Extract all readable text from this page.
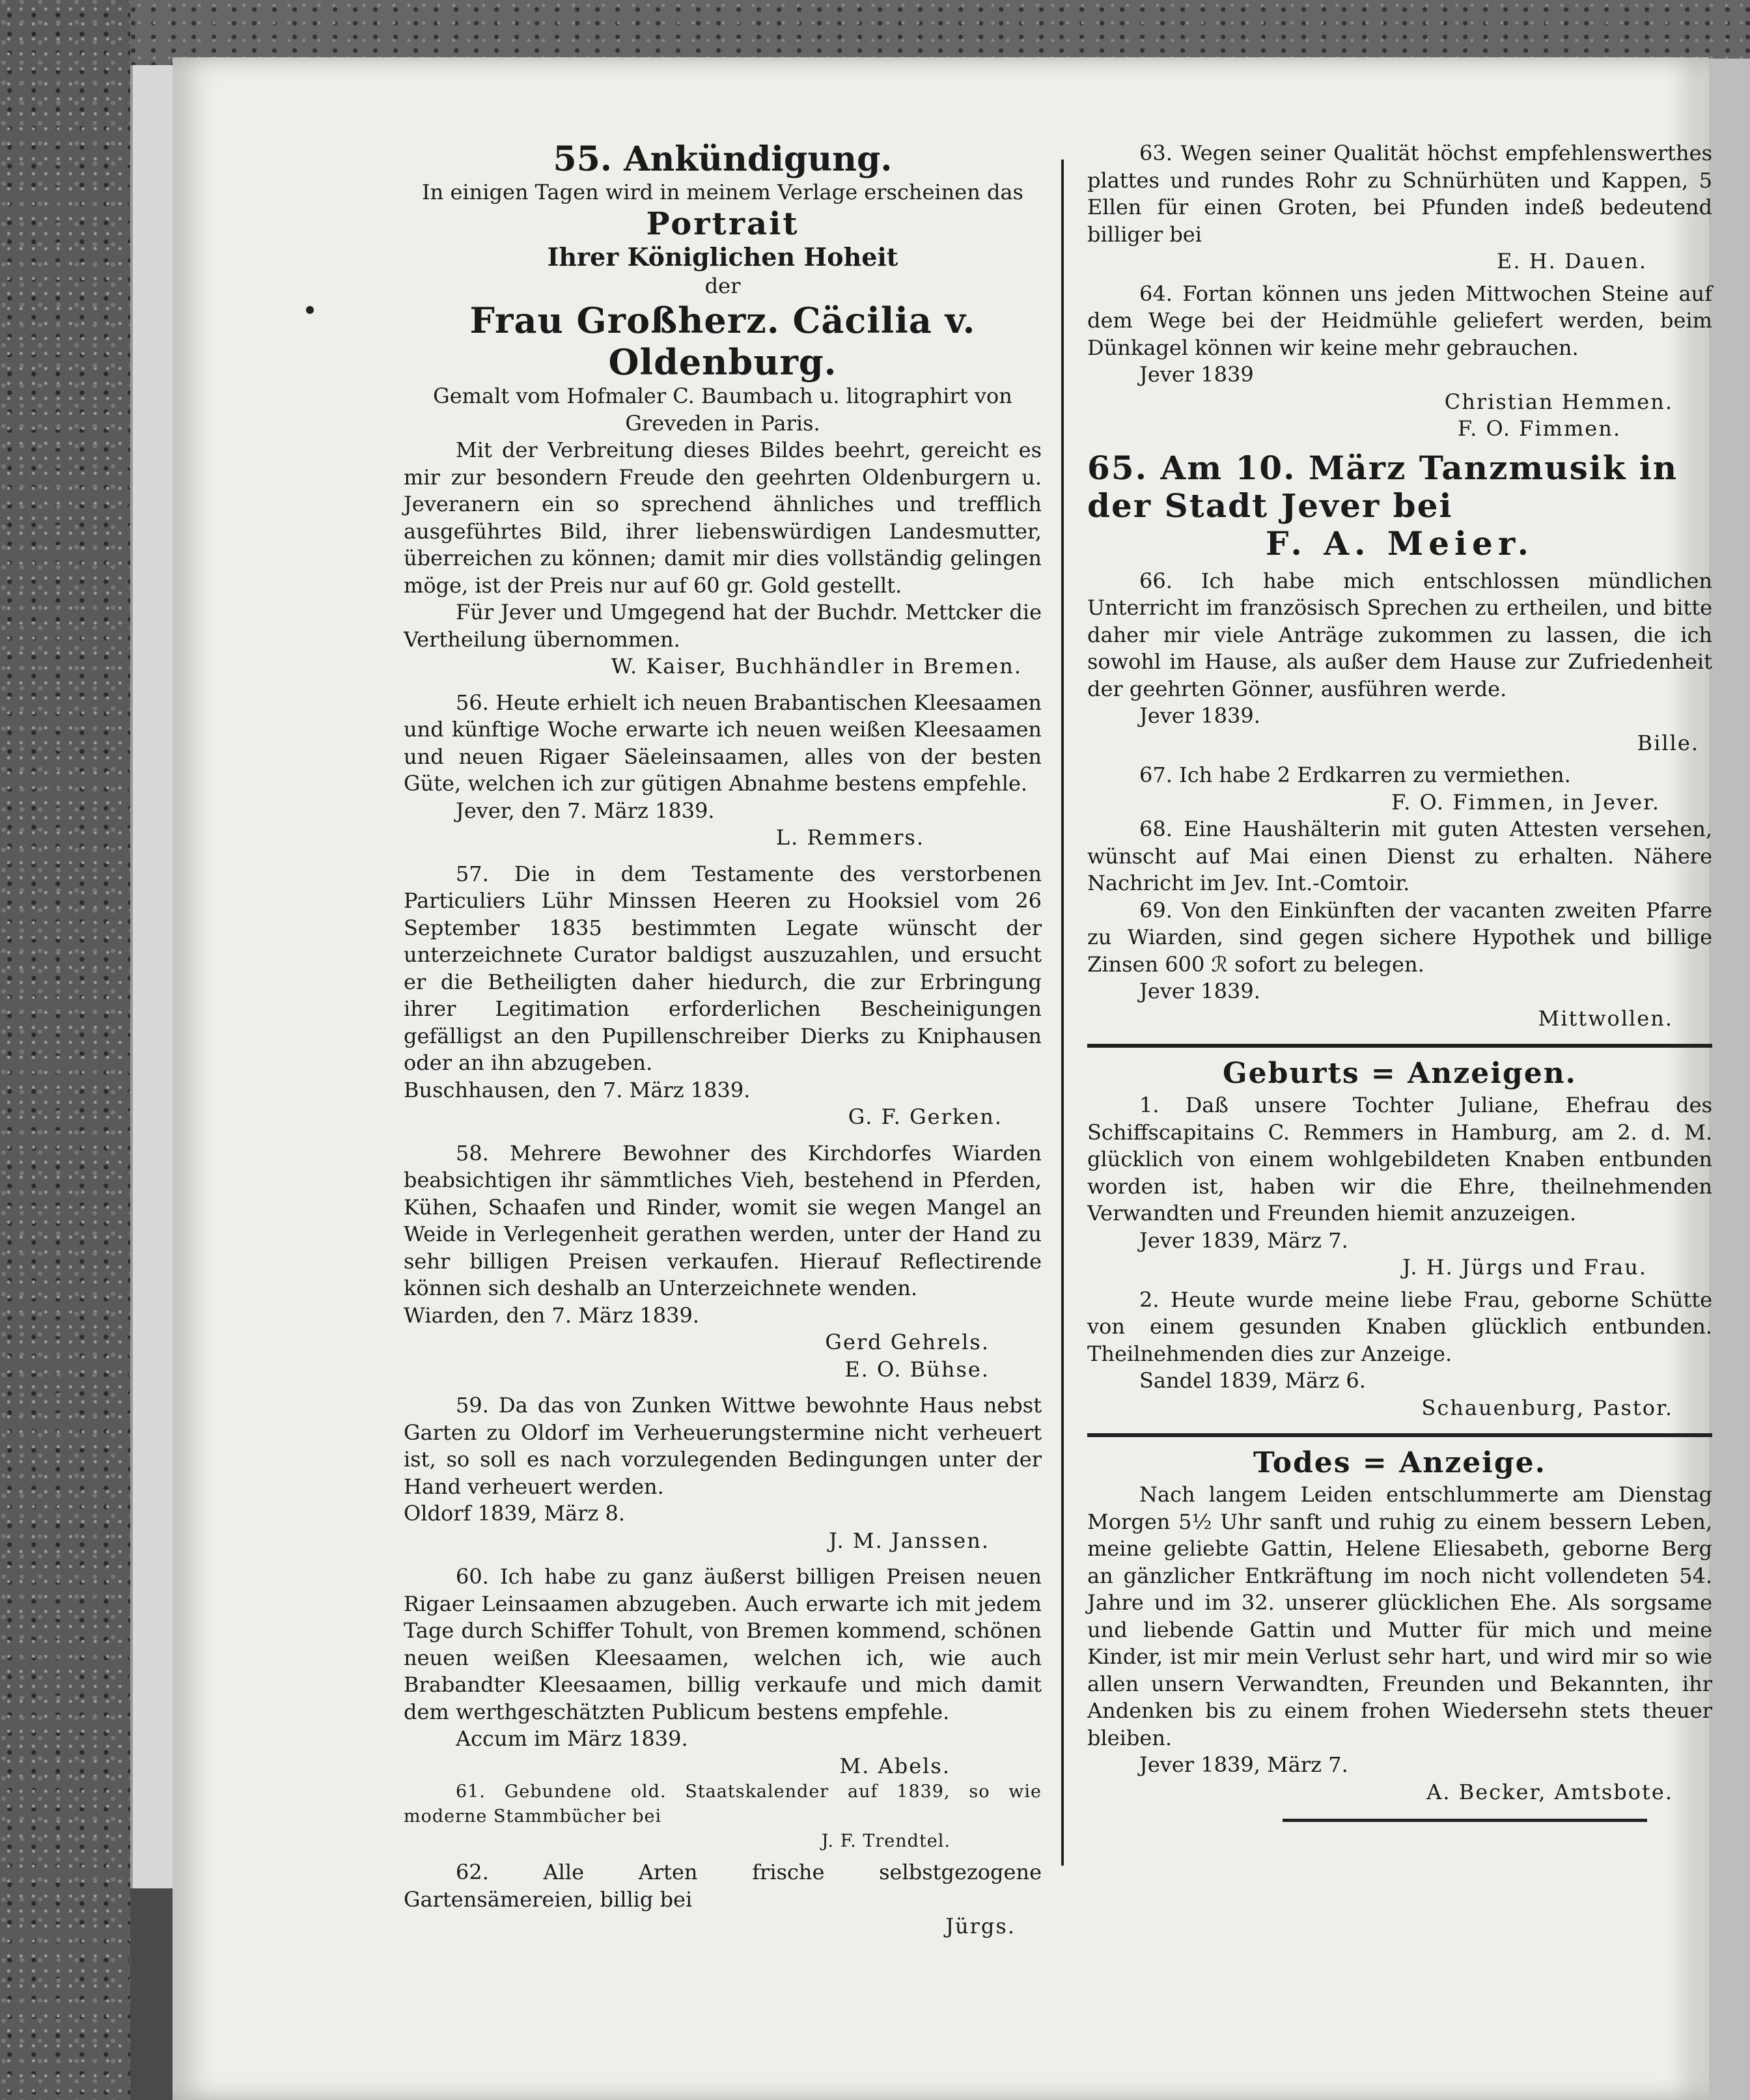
55. Ankündigung.

In einigen Tagen wird in meinem Verlage erscheinen das

Portrait
Ihrer Königlichen Hoheit

der

Frau Großherz. Cäcilia v. Oldenburg.

Gemalt vom Hofmaler C. Baumbach u. litographirt von Greveden in Paris.

Mit der Verbreitung dieses Bildes beehrt, gereicht es mir zur besondern Freude den geehrten Oldenburgern u. Jeveranern ein so sprechend ähnliches und trefflich ausgeführtes Bild, ihrer liebenswürdigen Landesmutter, überreichen zu können; damit mir dies vollständig gelingen möge, ist der Preis nur auf 60 gr. Gold gestellt.

Für Jever und Umgegend hat der Buchdr. Mettcker die Vertheilung übernommen.

W. Kaiser, Buchhändler in Bremen.

56. Heute erhielt ich neuen Brabantischen Kleesaamen und künftige Woche erwarte ich neuen weißen Kleesaamen und neuen Rigaer Säeleinsaamen, alles von der besten Güte, welchen ich zur gütigen Abnahme bestens empfehle.

Jever, den 7. März 1839.

L. Remmers.

57. Die in dem Testamente des verstorbenen Particuliers Lühr Minssen Heeren zu Hooksiel vom 26 September 1835 bestimmten Legate wünscht der unterzeichnete Curator baldigst auszuzahlen, und ersucht er die Betheiligten daher hiedurch, die zur Erbringung ihrer Legitimation erforderlichen Bescheinigungen gefälligst an den Pupillenschreiber Dierks zu Kniphausen oder an ihn abzugeben.

Buschhausen, den 7. März 1839.

G. F. Gerken.

58. Mehrere Bewohner des Kirchdorfes Wiarden beabsichtigen ihr sämmtliches Vieh, bestehend in Pferden, Kühen, Schaafen und Rinder, womit sie wegen Mangel an Weide in Verlegenheit gerathen werden, unter der Hand zu sehr billigen Preisen verkaufen. Hierauf Reflectirende können sich deshalb an Unterzeichnete wenden.

Wiarden, den 7. März 1839.

Gerd Gehrels.

E. O. Bühse.

59. Da das von Zunken Wittwe bewohnte Haus nebst Garten zu Oldorf im Verheuerungstermine nicht verheuert ist, so soll es nach vorzulegenden Bedingungen unter der Hand verheuert werden.

Oldorf 1839, März 8.

J. M. Janssen.

60. Ich habe zu ganz äußerst billigen Preisen neuen Rigaer Leinsaamen abzugeben. Auch erwarte ich mit jedem Tage durch Schiffer Tohult, von Bremen kommend, schönen neuen weißen Kleesaamen, welchen ich, wie auch Brabandter Kleesaamen, billig verkaufe und mich damit dem werthgeschätzten Publicum bestens empfehle.

Accum im März 1839.

M. Abels.

61. Gebundene old. Staatskalender auf 1839, so wie moderne Stammbücher bei

J. F. Trendtel.

62. Alle Arten frische selbstgezogene Gartensämereien, billig bei

Jürgs.

63. Wegen seiner Qualität höchst empfehlenswerthes plattes und rundes Rohr zu Schnürhüten und Kappen, 5 Ellen für einen Groten, bei Pfunden indeß bedeutend billiger bei

E. H. Dauen.

64. Fortan können uns jeden Mittwochen Steine auf dem Wege bei der Heidmühle geliefert werden, beim Dünkagel können wir keine mehr gebrauchen.

Jever 1839

Christian Hemmen.

F. O. Fimmen.

65. Am 10. März Tanzmusik in der Stadt Jever bei

F. A. Meier.

66. Ich habe mich entschlossen mündlichen Unterricht im französisch Sprechen zu ertheilen, und bitte daher mir viele Anträge zukommen zu lassen, die ich sowohl im Hause, als außer dem Hause zur Zufriedenheit der geehrten Gönner, ausführen werde.

Jever 1839.

Bille.

67. Ich habe 2 Erdkarren zu vermiethen.

F. O. Fimmen, in Jever.

68. Eine Haushälterin mit guten Attesten versehen, wünscht auf Mai einen Dienst zu erhalten. Nähere Nachricht im Jev. Int.-Comtoir.

69. Von den Einkünften der vacanten zweiten Pfarre zu Wiarden, sind gegen sichere Hypothek und billige Zinsen 600 ℛ sofort zu belegen.

Jever 1839.

Mittwollen.

Geburts = Anzeigen.

1. Daß unsere Tochter Juliane, Ehefrau des Schiffscapitains C. Remmers in Hamburg, am 2. d. M. glücklich von einem wohlgebildeten Knaben entbunden worden ist, haben wir die Ehre, theilnehmenden Verwandten und Freunden hiemit anzuzeigen.

Jever 1839, März 7.

J. H. Jürgs und Frau.

2. Heute wurde meine liebe Frau, geborne Schütte von einem gesunden Knaben glücklich entbunden. Theilnehmenden dies zur Anzeige.

Sandel 1839, März 6.

Schauenburg, Pastor.

Todes = Anzeige.

Nach langem Leiden entschlummerte am Dienstag Morgen 5½ Uhr sanft und ruhig zu einem bessern Leben, meine geliebte Gattin, Helene Eliesabeth, geborne Berg an gänzlicher Entkräftung im noch nicht vollendeten 54. Jahre und im 32. unserer glücklichen Ehe. Als sorgsame und liebende Gattin und Mutter für mich und meine Kinder, ist mir mein Verlust sehr hart, und wird mir so wie allen unsern Verwandten, Freunden und Bekannten, ihr Andenken bis zu einem frohen Wiedersehn stets theuer bleiben.

Jever 1839, März 7.

A. Becker, Amtsbote.
